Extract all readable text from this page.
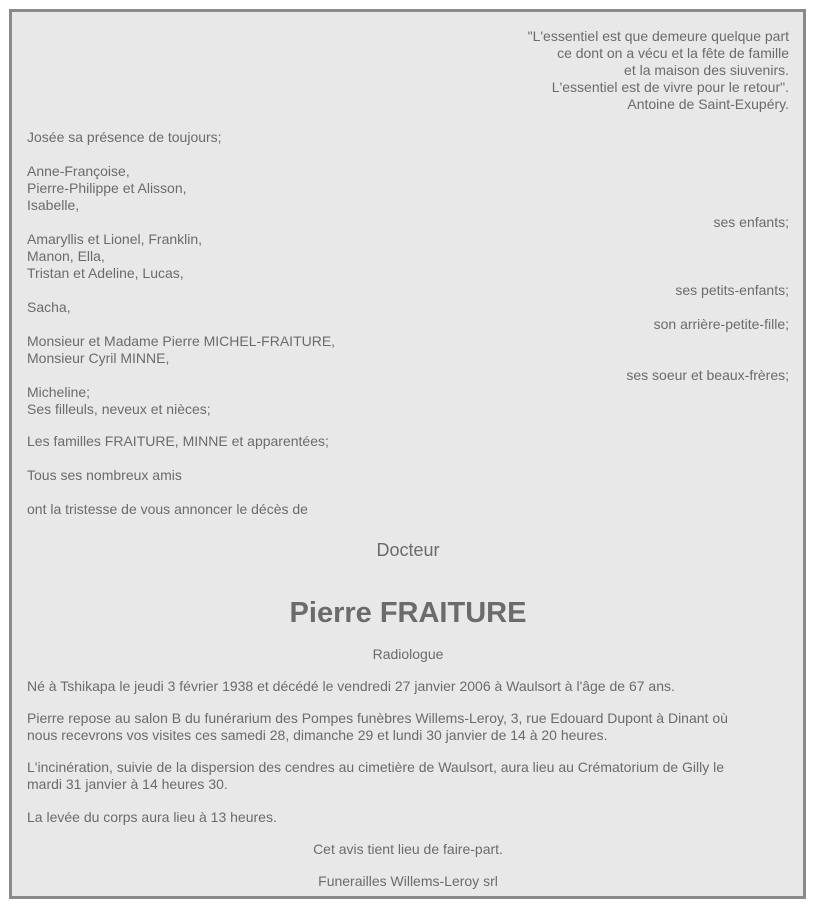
"L'essentiel est que demeure quelque part
ce dont on a vécu et la fête de famille
et la maison des siuvenirs.
L'essentiel est de vivre pour le retour".
Antoine de Saint-Exupéry.
Josée sa présence de toujours;
Anne-Françoise,
Pierre-Philippe et Alisson,
Isabelle,
ses enfants;
Amaryllis et Lionel, Franklin,
Manon, Ella,
Tristan et Adeline, Lucas,
ses petits-enfants;
Sacha,
son arrière-petite-fille;
Monsieur et Madame Pierre MICHEL-FRAITURE,
Monsieur Cyril MINNE,
ses soeur et beaux-frères;
Micheline;
Ses filleuls, neveux et nièces;
Les familles FRAITURE, MINNE et apparentées;
Tous ses nombreux amis
ont la tristesse de vous annoncer le décès de
Docteur
Pierre FRAITURE
Radiologue
Né à Tshikapa le jeudi 3 février 1938 et décédé le vendredi 27 janvier 2006 à Waulsort à l'âge de 67 ans.
Pierre repose au salon B du funérarium des Pompes funèbres Willems-Leroy, 3, rue Edouard Dupont à Dinant où
nous recevrons vos visites ces samedi 28, dimanche 29 et lundi 30 janvier de 14 à 20 heures.
L'incinération, suivie de la dispersion des cendres au cimetière de Waulsort, aura lieu au Crématorium de Gilly le
mardi 31 janvier à 14 heures 30.
La levée du corps aura lieu à 13 heures.
Cet avis tient lieu de faire-part.
Funerailles Willems-Leroy srl
